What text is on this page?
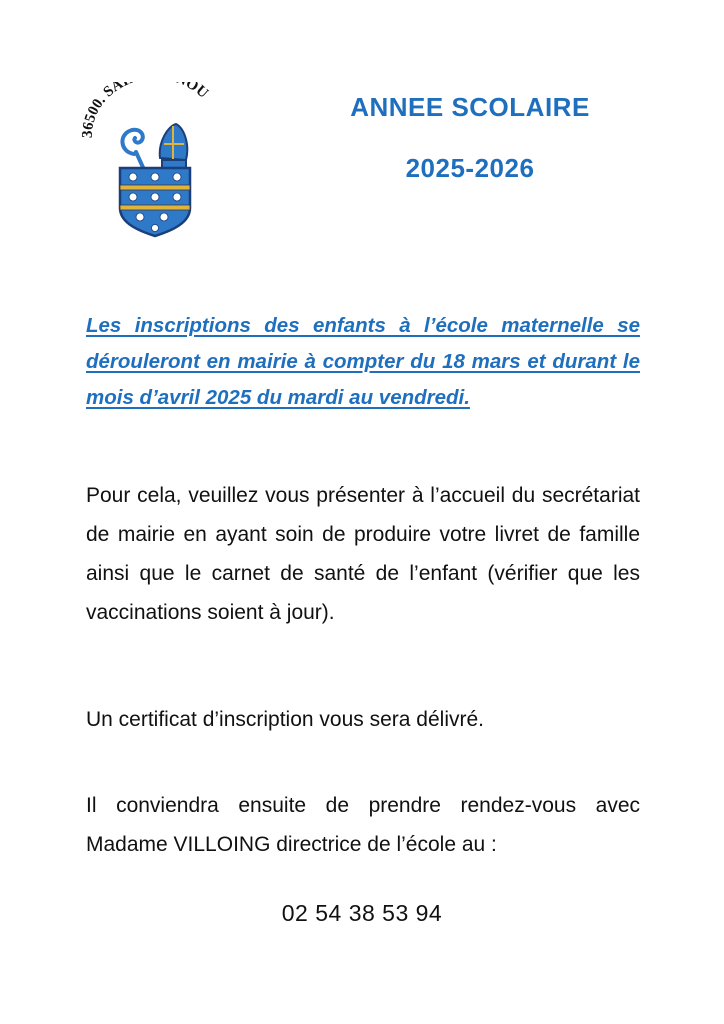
36500. SA OU	ANNEE SCOLAIRE
2025-2026

Les inscriptions des enfants à l’école maternelle se dérouleront en mairie à compter du 18 mars et durant le mois d’avril 2025 du mardi au vendredi.

Pour cela, veuillez vous présenter à l’accueil du secrétariat de mairie en ayant soin de produire votre livret de famille ainsi que le carnet de santé de l’enfant (vérifier que les vaccinations soient à jour).

Un certificat d’inscription vous sera délivré.

Il conviendra ensuite de prendre rendez-vous avec Madame VILLOING directrice de l’école au :

02 54 38 53 94
